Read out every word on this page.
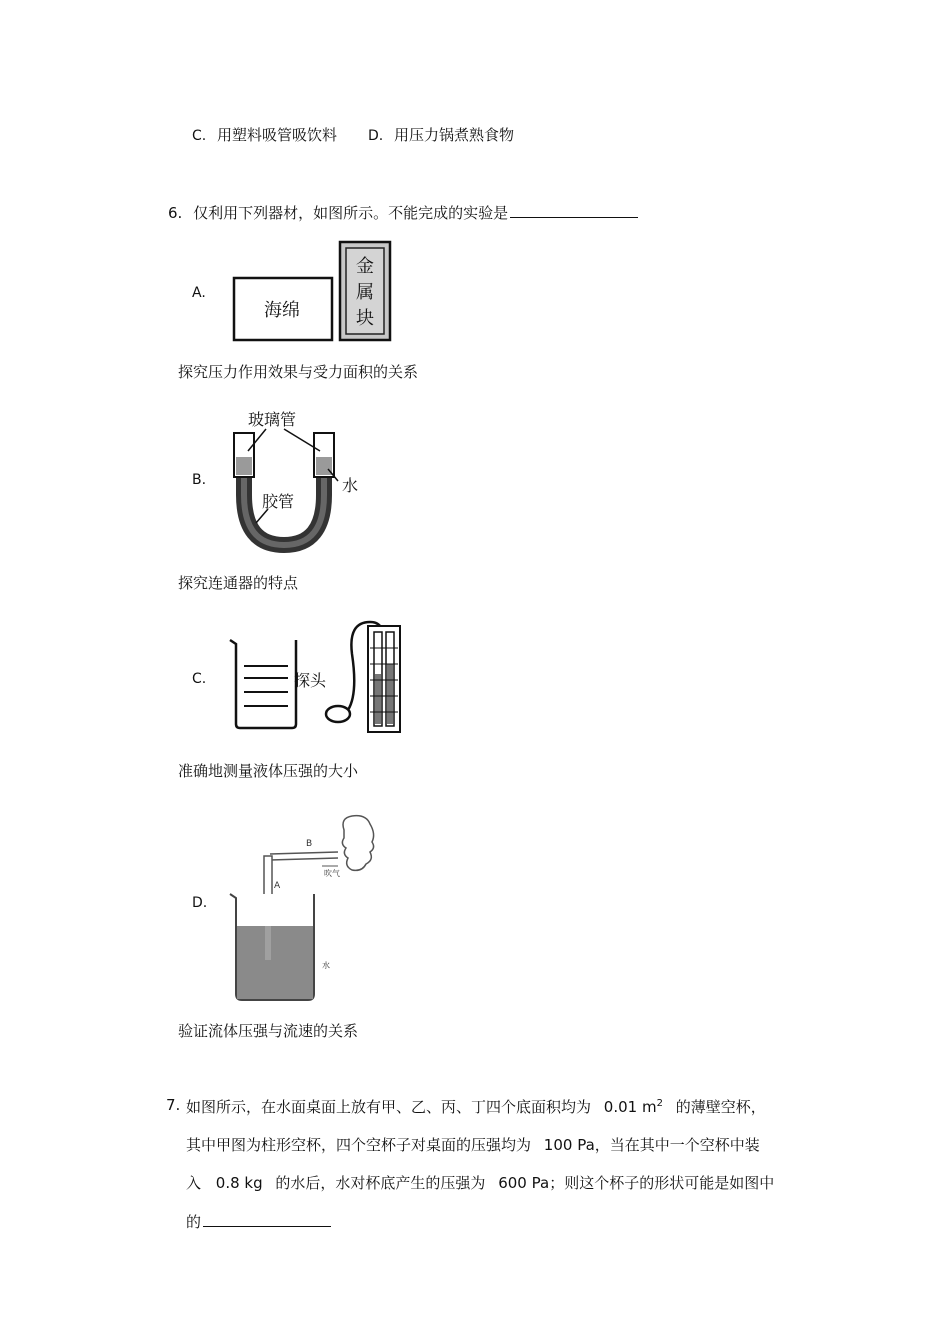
C. 用塑料吸管吸饮料 D. 用压力锅煮熟食物
6. 仅利用下列器材，如图所示。不能完成的实验是
A.
海绵
金
属
块
探究压力作用效果与受力面积的关系
B.
玻璃管
胶管
水
探究连通器的特点
C.	探头
准确地测量液体压强的大小
D.
B
A
吹气
水
验证流体压强与流速的关系
7. 如图所示，在水面桌面上放有甲、乙、丙、丁四个底面积均为 0.01 $m^2$ 的薄壁空杯，
其中甲图为柱形空杯，四个空杯子对桌面的压强均为 100 Pa，当在其中一个空杯中装
入 0.8 kg 的水后，水对杯底产生的压强为 600 Pa；则这个杯子的形状可能是如图中
的
